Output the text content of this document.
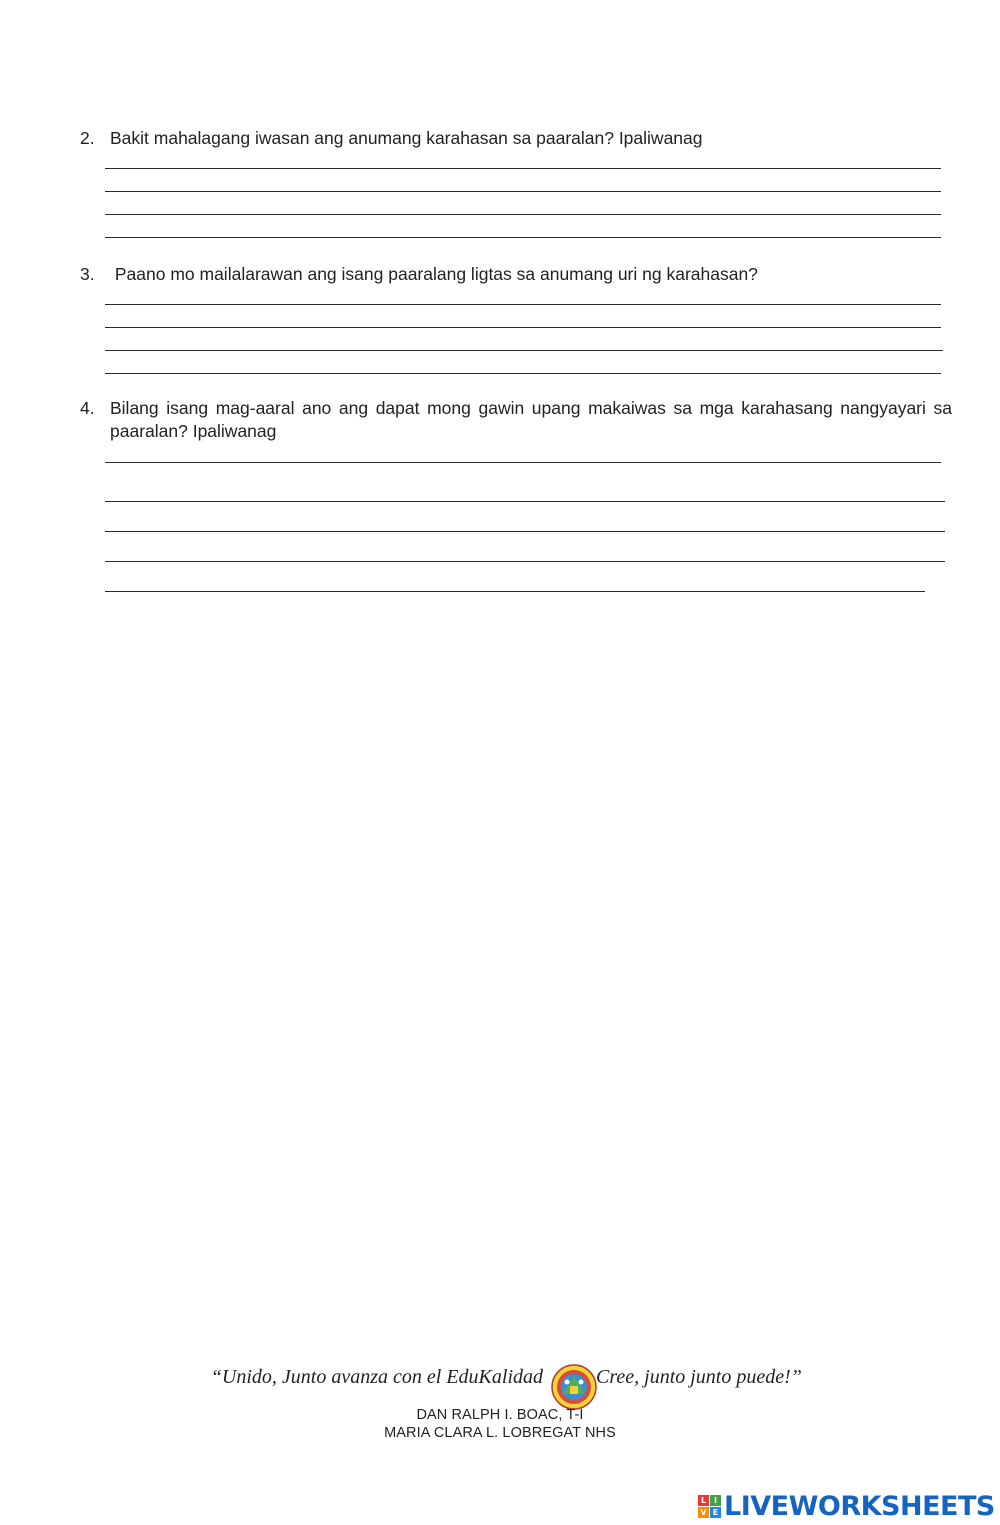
2. Bakit mahalagang iwasan ang anumang karahasan sa paaralan? Ipaliwanag
3. Paano mo mailalarawan ang isang paaralang ligtas sa anumang uri ng karahasan?
4. Bilang isang mag-aaral ano ang dapat mong gawin upang makaiwas sa mga karahasang nangyayari sa paaralan? Ipaliwanag
“Unido, Junto avanza con el EduKalidad	Cree, junto junto puede!”
DAN RALPH I. BOAC, T-I
MARIA CLARA L. LOBREGAT NHS
L I
V E LIVEWORKSHEETS
